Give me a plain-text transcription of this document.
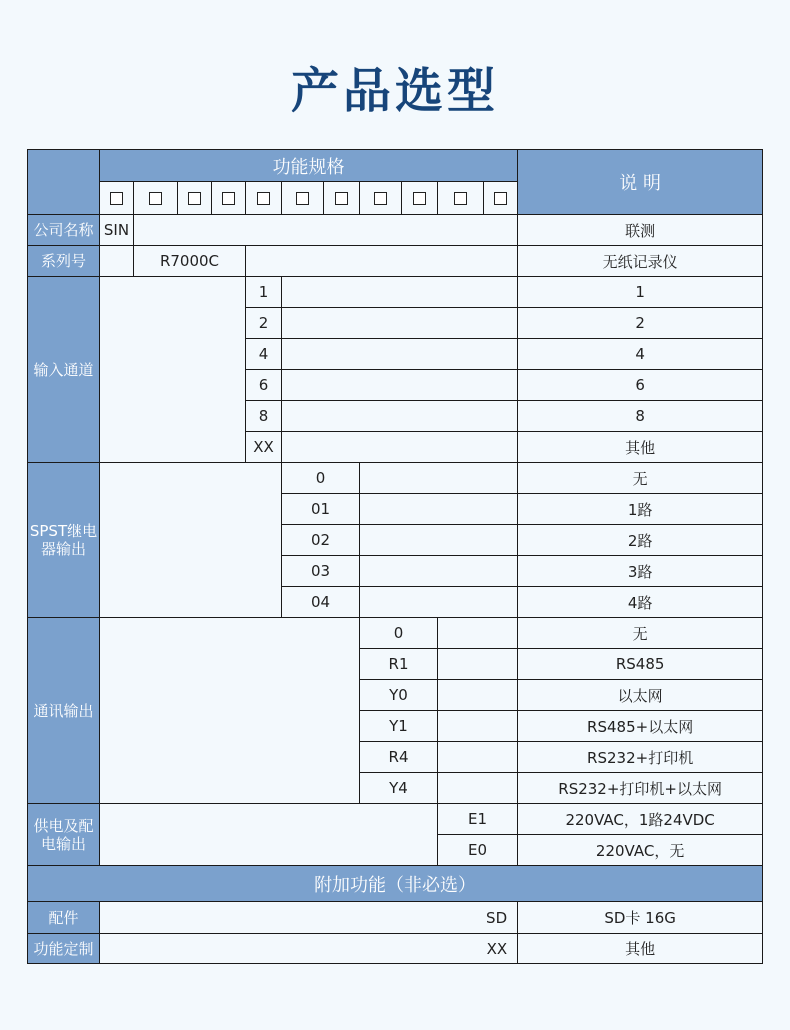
产品选型
	功能规格											说 明

公司名称	SIN											联测
系列号		R7000C										无纸记录仪
输入通道					1							1
					2							2
					4							4
					6							6
					8							8
					XX							其他
SPST继电器输出						0						无
						01						1路
						02						2路
						03						3路
						04						4路
通讯输出								0				无
								R1				RS485
								Y0				以太网
								Y1				RS485+以太网
								R4				RS232+打印机
								Y4				RS232+打印机+以太网
供电及配电输出										E1		220VAC，1路24VDC
										E0		220VAC，无
附加功能（非必选）												
配件	SD											SD卡 16G
功能定制	XX											其他
